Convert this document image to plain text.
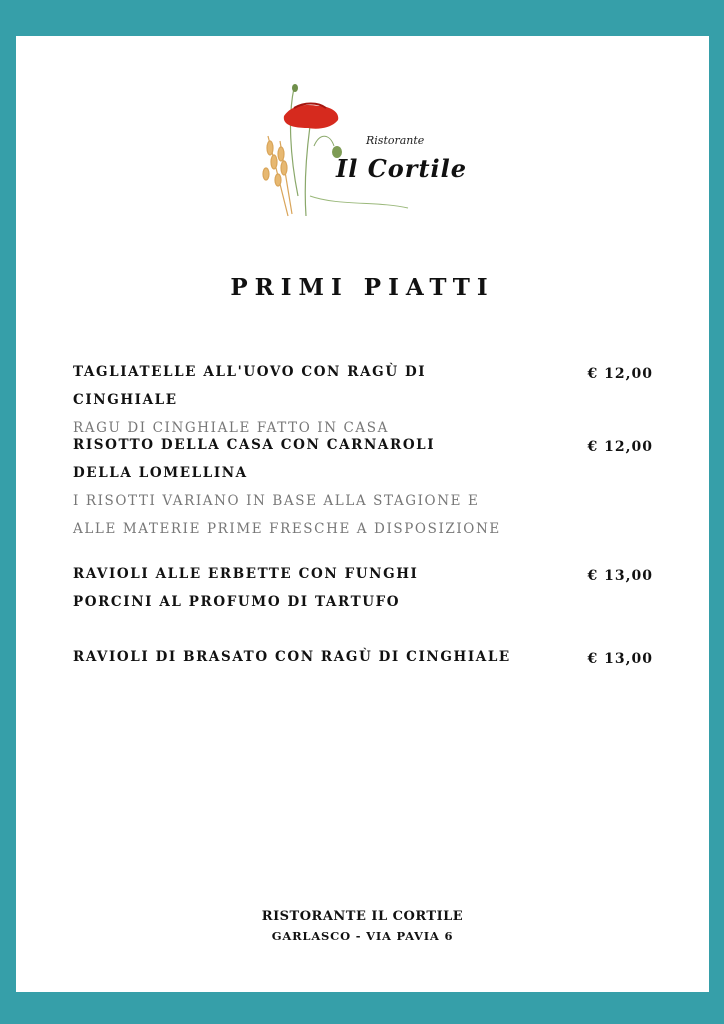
Ristorante
Il Cortile
PRIMI PIATTI
TAGLIATELLE ALL'UOVO CON RAGÙ DI CINGHIALE
RAGU DI CINGHIALE FATTO IN CASA
€ 12,00
RISOTTO DELLA CASA CON CARNAROLI DELLA LOMELLINA
I RISOTTI VARIANO IN BASE ALLA STAGIONE E ALLE MATERIE PRIME FRESCHE A DISPOSIZIONE
€ 12,00
RAVIOLI ALLE ERBETTE CON FUNGHI PORCINI AL PROFUMO DI TARTUFO
€ 13,00
RAVIOLI DI BRASATO CON RAGÙ DI CINGHIALE	€ 13,00
RISTORANTE IL CORTILE
GARLASCO - VIA PAVIA 6
